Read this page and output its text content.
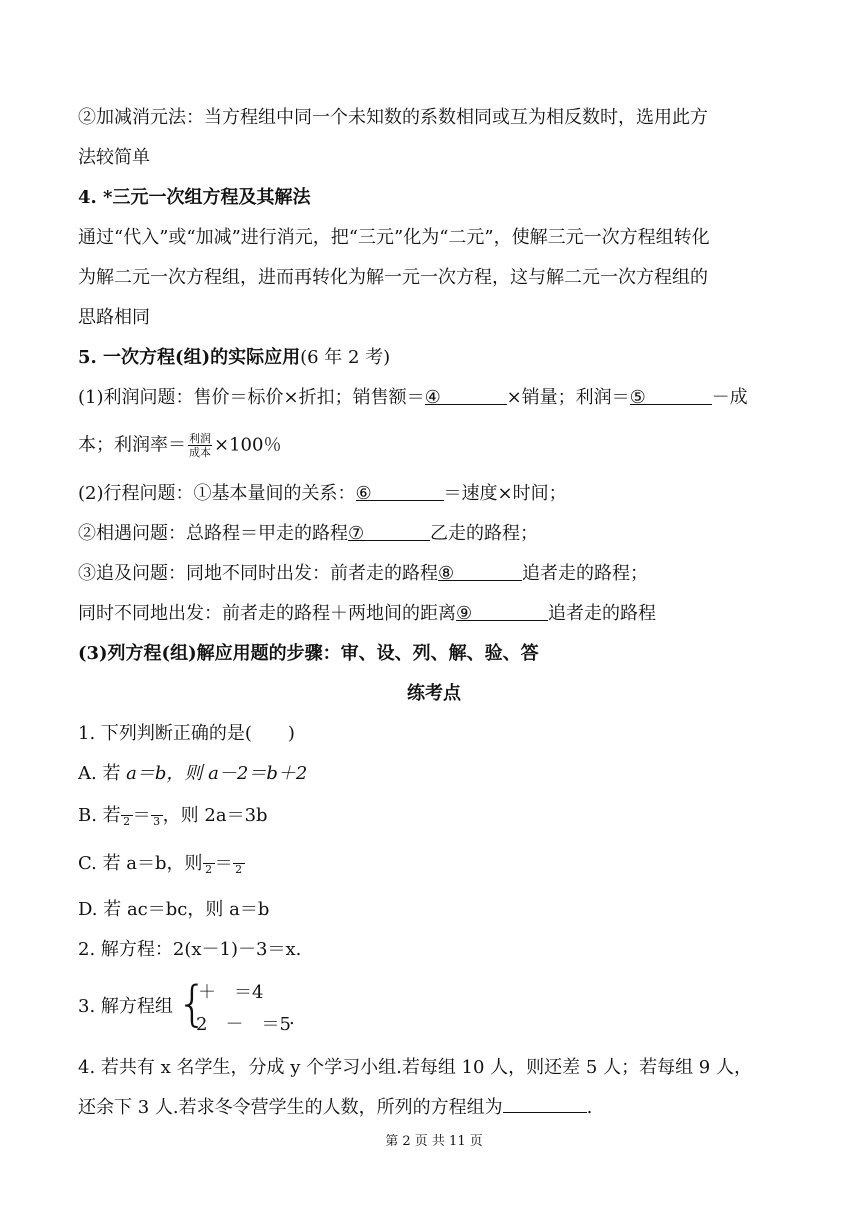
②加减消元法：当方程组中同一个未知数的系数相同或互为相反数时，选用此方
法较简单
4. *三元一次组方程及其解法
通过“代入”或“加减”进行消元，把“三元”化为“二元”，使解三元一次方程组转化
为解二元一次方程组，进而再转化为解一元一次方程，这与解二元一次方程组的
思路相同
5. 一次方程(组)的实际应用(6 年 2 考)
(1)利润问题：售价＝标价×折扣；销售额＝④	×销量；利润＝⑤	－成
本；利润率＝ $\frac{\text{利润}}{\text{成本}} \times 100$％
(2)行程问题：①基本量间的关系：⑥	＝速度×时间；
②相遇问题：总路程＝甲走的路程⑦	乙走的路程；
③追及问题：同地不同时出发：前者走的路程⑧	追者走的路程；
同时不同地出发：前者走的路程＋两地间的距离⑨	追者走的路程
(3)列方程(组)解应用题的步骤：审、设、列、解、验、答
练考点
1. 下列判断正确的是(　　)
A. 若 a＝b，则 a－2＝b＋2
B. 若 2 ＝ 3 ，则 2a＝3b
C. 若 a＝b，则 2 ＝ 2
D. 若 ac＝bc，则 a＝b
2. 解方程：2(x－1)－3＝x.
3. 解方程组 {
＋　＝4
2　－　＝5
.
4. 若共有 x 名学生，分成 y 个学习小组.若每组 10 人，则还差 5 人；若每组 9 人，
还余下 3 人.若求冬令营学生的人数，所列的方程组为	.
第 2 页 共 11 页
